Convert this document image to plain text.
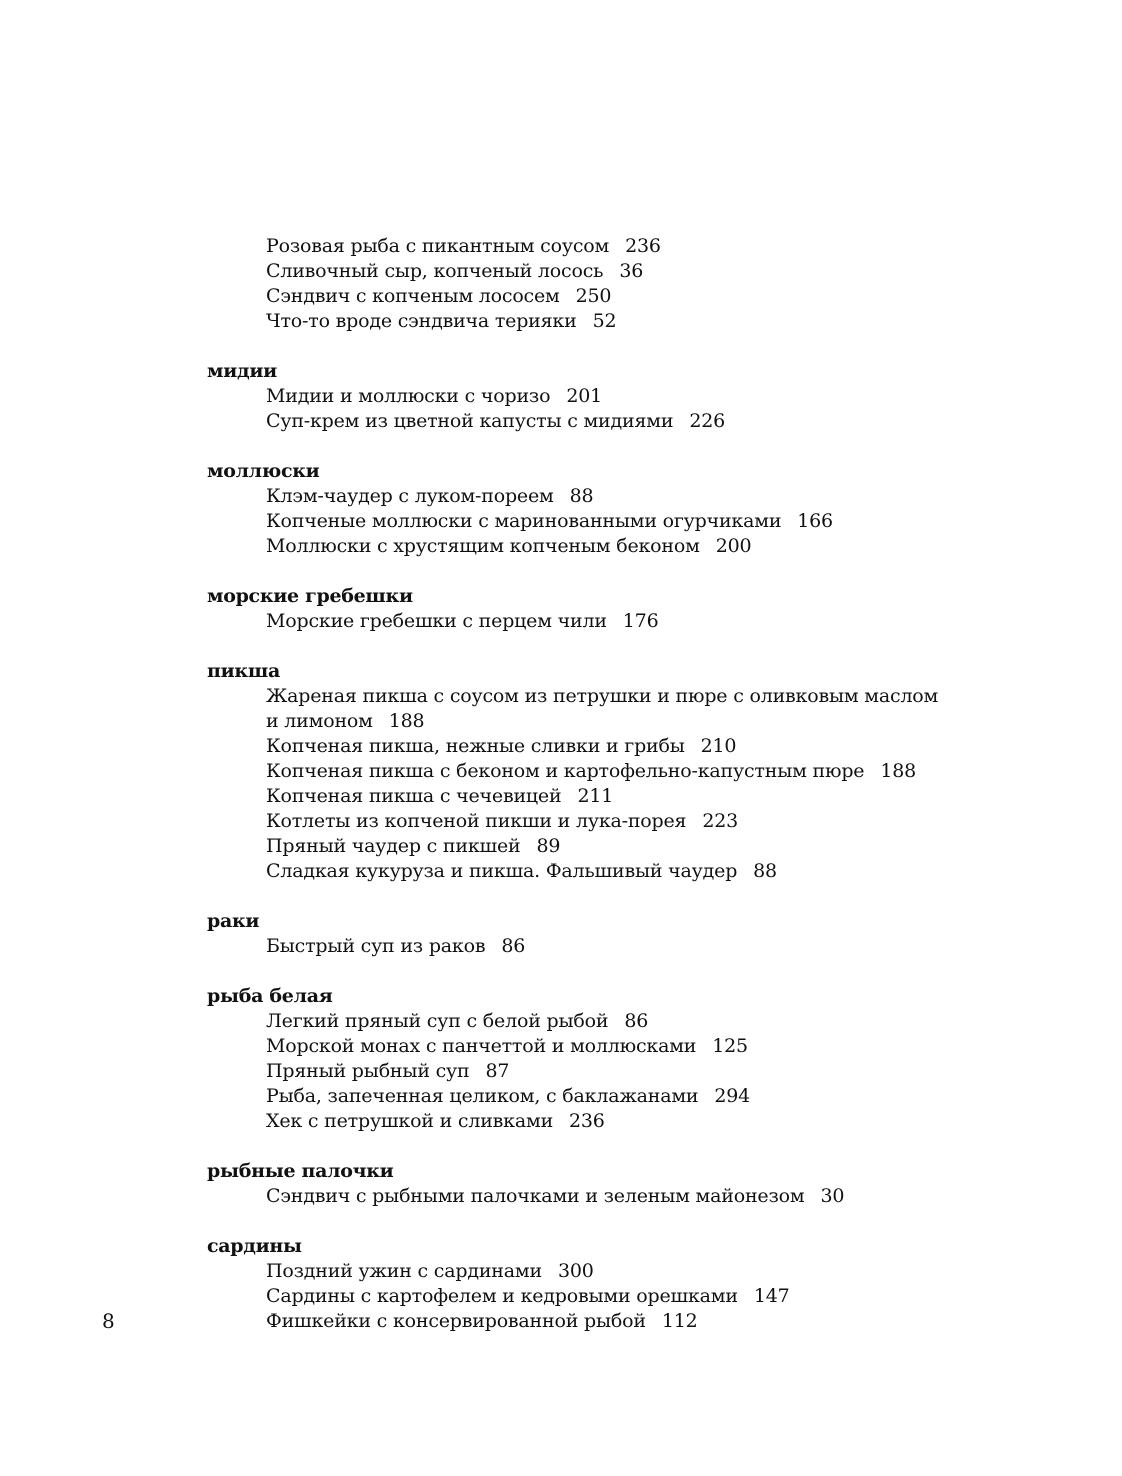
Розовая рыба с пикантным соусом 236
Сливочный сыр, копченый лосось 36
Сэндвич с копченым лососем 250
Что-то вроде сэндвича терияки 52
мидии
Мидии и моллюски с чоризо 201
Суп-крем из цветной капусты с мидиями 226
моллюски
Клэм-чаудер с луком-пореем 88
Копченые моллюски с маринованными огурчиками 166
Моллюски с хрустящим копченым беконом 200
морские гребешки
Морские гребешки с перцем чили 176
пикша
Жареная пикша с соусом из петрушки и пюре с оливковым маслом
и лимоном 188
Копченая пикша, нежные сливки и грибы 210
Копченая пикша с беконом и картофельно-капустным пюре 188
Копченая пикша с чечевицей 211
Котлеты из копченой пикши и лука-порея 223
Пряный чаудер с пикшей 89
Сладкая кукуруза и пикша. Фальшивый чаудер 88
раки
Быстрый суп из раков 86
рыба белая
Легкий пряный суп с белой рыбой 86
Морской монах с панчеттой и моллюсками 125
Пряный рыбный суп 87
Рыба, запеченная целиком, с баклажанами 294
Хек с петрушкой и сливками 236
рыбные палочки
Сэндвич с рыбными палочками и зеленым майонезом 30
сардины
Поздний ужин с сардинами 300
Сардины с картофелем и кедровыми орешками 147
Фишкейки с консервированной рыбой 112
8
